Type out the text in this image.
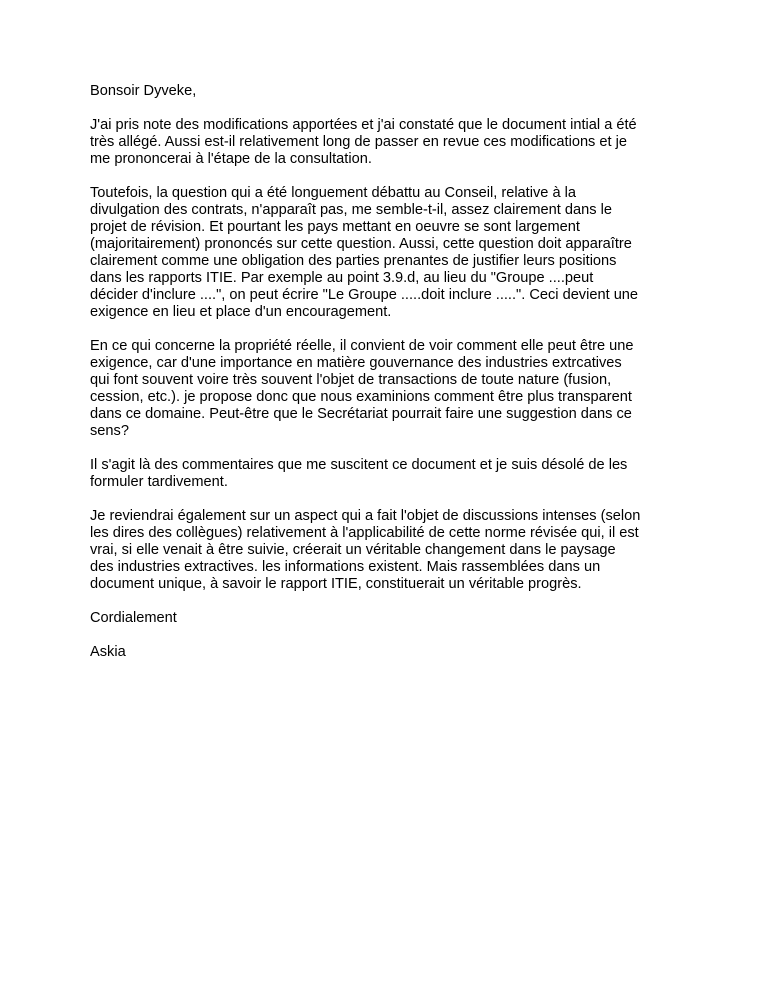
Bonsoir Dyveke,

J'ai pris note des modifications apportées et j'ai constaté que le document intial a été
très allégé. Aussi est-il relativement long de passer en revue ces modifications et je
me prononcerai à l'étape de la consultation.

Toutefois, la question qui a été longuement débattu au Conseil, relative à la
divulgation des contrats, n'apparaît pas, me semble-t-il, assez clairement dans le
projet de révision. Et pourtant les pays mettant en oeuvre se sont largement
(majoritairement) prononcés sur cette question. Aussi, cette question doit apparaître
clairement comme une obligation des parties prenantes de justifier leurs positions
dans les rapports ITIE. Par exemple au point 3.9.d, au lieu du "Groupe ....peut
décider d'inclure ....", on peut écrire "Le Groupe .....doit inclure .....". Ceci devient une
exigence en lieu et place d'un encouragement.

En ce qui concerne la propriété réelle, il convient de voir comment elle peut être une
exigence, car d'une importance en matière gouvernance des industries extrcatives
qui font souvent voire très souvent l'objet de transactions de toute nature (fusion,
cession, etc.). je propose donc que nous examinions comment être plus transparent
dans ce domaine. Peut-être que le Secrétariat pourrait faire une suggestion dans ce
sens?

Il s'agit là des commentaires que me suscitent ce document et je suis désolé de les
formuler tardivement.

Je reviendrai également sur un aspect qui a fait l'objet de discussions intenses (selon
les dires des collègues) relativement à l'applicabilité de cette norme révisée qui, il est
vrai, si elle venait à être suivie, créerait un véritable changement dans le paysage
des industries extractives. les informations existent. Mais rassemblées dans un
document unique, à savoir le rapport ITIE, constituerait un véritable progrès.

Cordialement

Askia
